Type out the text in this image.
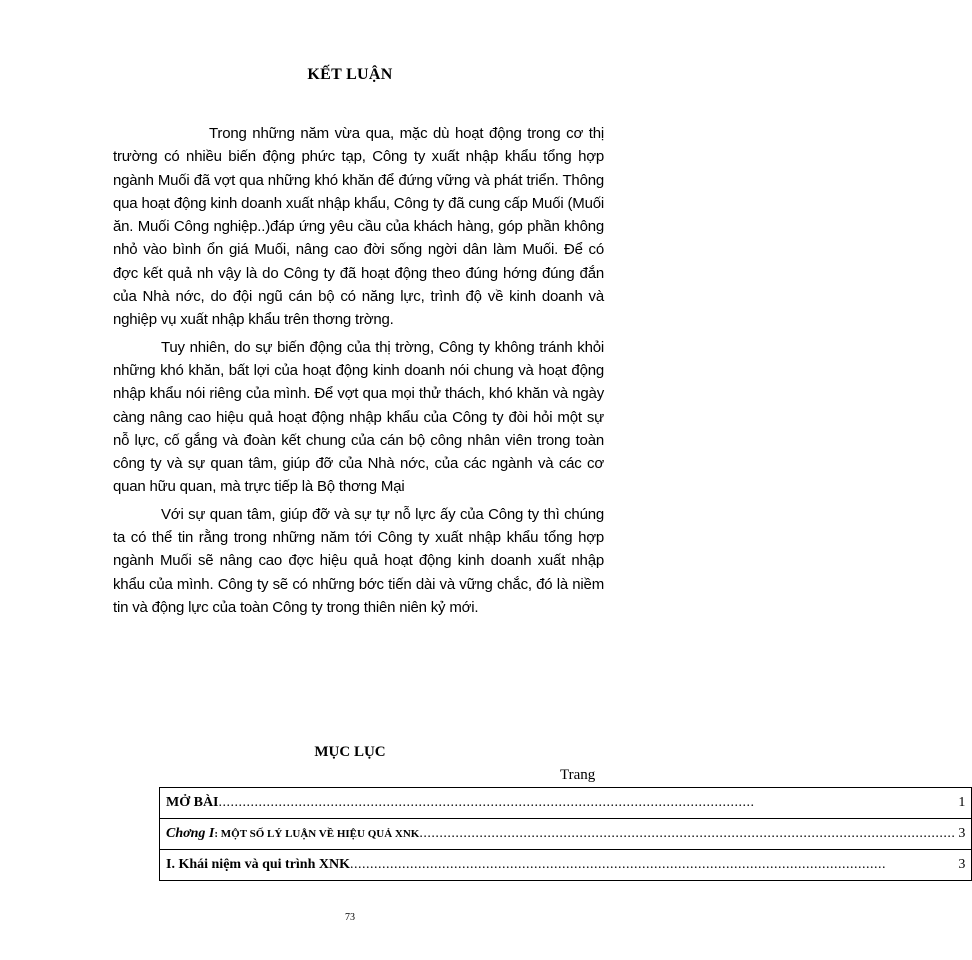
KẾT LUẬN

Trong những năm vừa qua, mặc dù hoạt động trong cơ thị trường có nhiều biến động phức tạp, Công ty xuất nhập khẩu tổng hợp ngành Muối đã vợt qua những khó khăn để đứng vững và phát triển. Thông qua hoạt động kinh doanh xuất nhập khẩu, Công ty đã cung cấp Muối (Muối ăn. Muối Công nghiệp..)đáp ứng yêu cầu của khách hàng, góp phần không nhỏ vào bình ổn giá Muối, nâng cao đời sống ngời dân làm Muối. Để có đợc kết quả nh vậy là do Công ty đã hoạt động theo đúng hớng đúng đắn của Nhà nớc, do đội ngũ cán bộ có năng lực, trình độ về kinh doanh và nghiệp vụ xuất nhập khẩu trên thơng trờng.

Tuy nhiên, do sự biến động của thị trờng, Công ty không tránh khỏi những khó khăn, bất lợi của hoạt động kinh doanh nói chung và hoạt động nhập khẩu nói riêng của mình. Để vợt qua mọi thử thách, khó khăn và ngày càng nâng cao hiệu quả hoạt động nhập khẩu của Công ty đòi hỏi một sự nỗ lực, cố gắng và đoàn kết chung của cán bộ công nhân viên trong toàn công ty và sự quan tâm, giúp đỡ của Nhà nớc, của các ngành và các cơ quan hữu quan, mà trực tiếp là Bộ thơng Mại

Với sự quan tâm, giúp đỡ và sự tự nỗ lực ấy của Công ty thì chúng ta có thể tin rằng trong những năm tới Công ty xuất nhập khẩu tổng hợp ngành Muối sẽ nâng cao đợc hiệu quả hoạt động kinh doanh xuất nhập khẩu của mình. Công ty sẽ có những bớc tiến dài và vững chắc, đó là niềm tin và động lực của toàn Công ty trong thiên niên kỷ mới.

MỤC LỤC
Trang
MỞ BÀI .....	1

Chơng I: MỘT SỐ LÝ LUẬN VỀ HIỆU QUẢ XNK .....	3

I. Khái niệm và qui trình XNK .....	3
73
